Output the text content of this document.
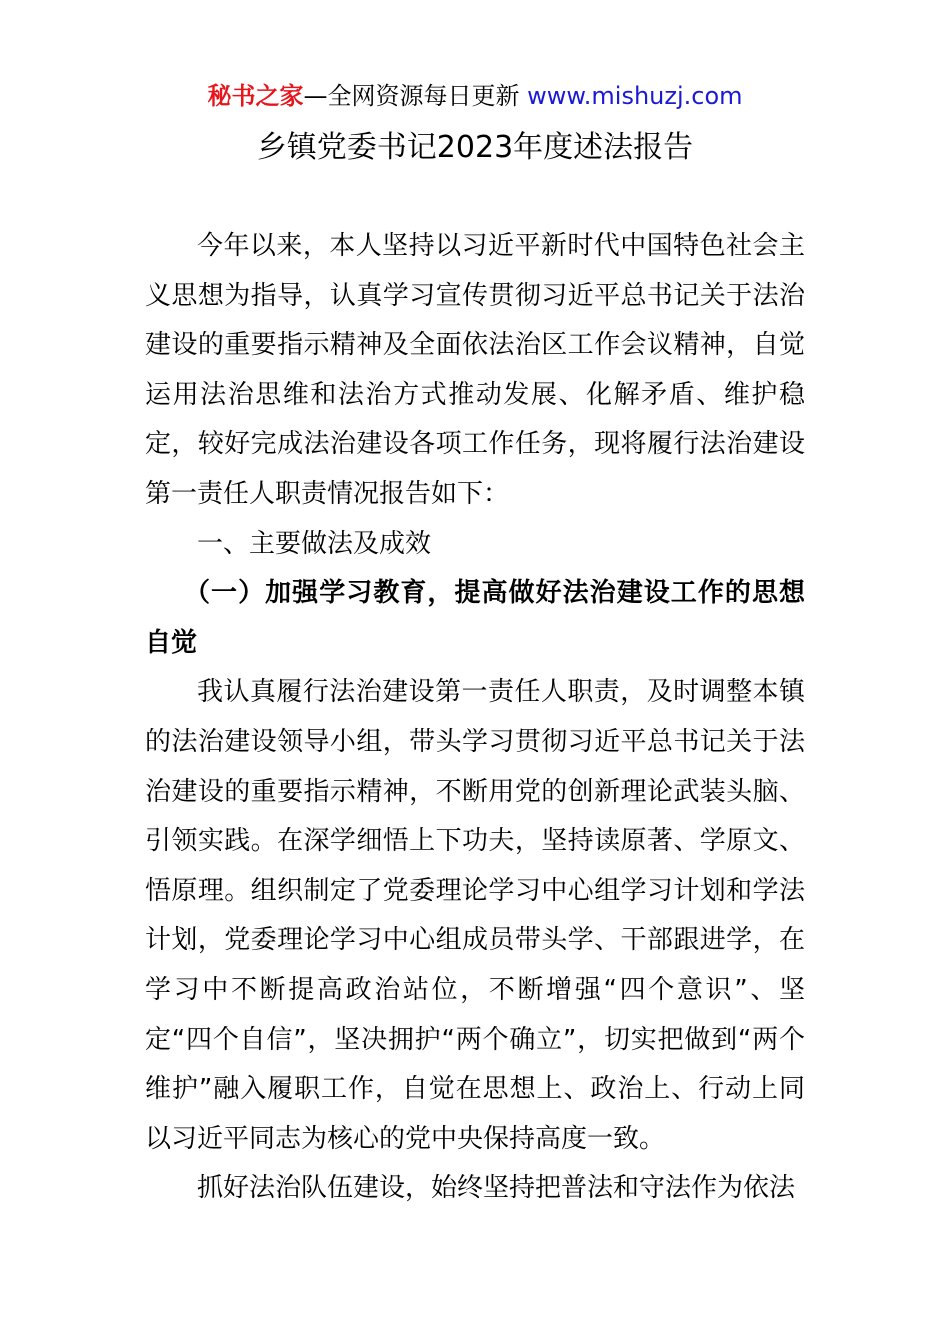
秘书之家—全网资源每日更新 www.mishuzj.com
乡镇党委书记2023年度述法报告

今年以来，本人坚持以习近平新时代中国特色社会主义思想为指导，认真学习宣传贯彻习近平总书记关于法治建设的重要指示精神及全面依法治区工作会议精神，自觉运用法治思维和法治方式推动发展、化解矛盾、维护稳定，较好完成法治建设各项工作任务，现将履行法治建设第一责任人职责情况报告如下：

一、主要做法及成效

（一）加强学习教育，提高做好法治建设工作的思想自觉

我认真履行法治建设第一责任人职责，及时调整本镇的法治建设领导小组，带头学习贯彻习近平总书记关于法治建设的重要指示精神，不断用党的创新理论武装头脑、引领实践。在深学细悟上下功夫，坚持读原著、学原文、悟原理。组织制定了党委理论学习中心组学习计划和学法计划，党委理论学习中心组成员带头学、干部跟进学，在学习中不断提高政治站位，不断增强“四个意识”、坚定“四个自信”，坚决拥护“两个确立”，切实把做到“两个维护”融入履职工作，自觉在思想上、政治上、行动上同以习近平同志为核心的党中央保持高度一致。

抓好法治队伍建设，始终坚持把普法和守法作为依法
